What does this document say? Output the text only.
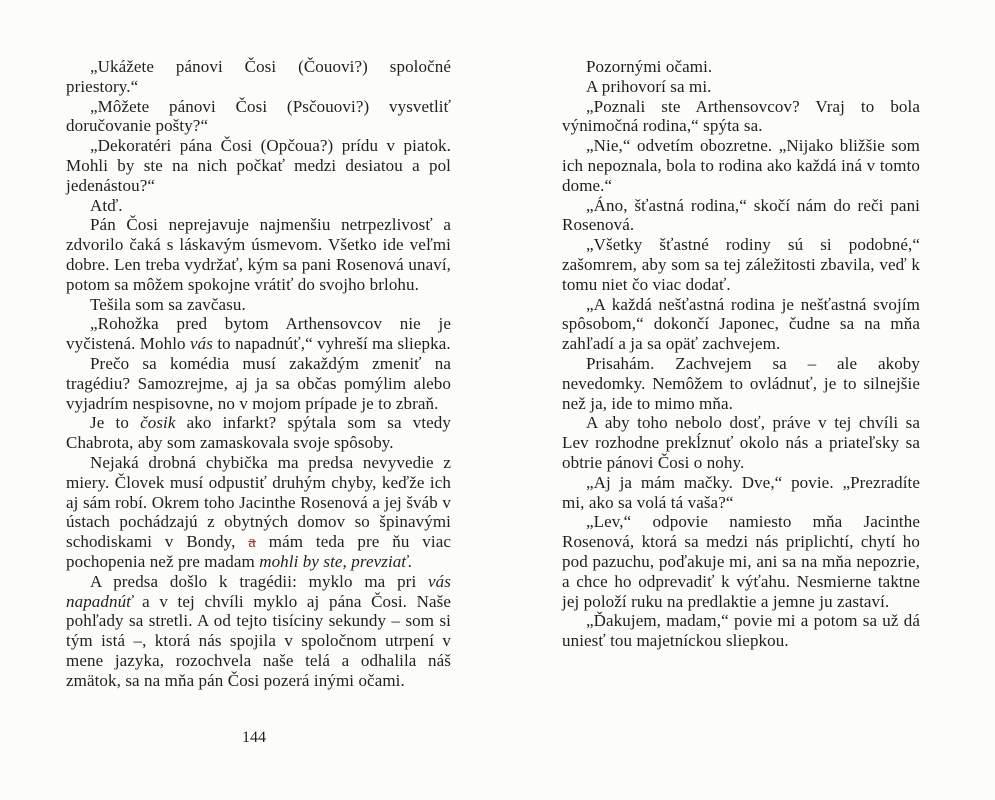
„Ukážete pánovi Čosi (Čouovi?) spoločné priestory.“

„Môžete pánovi Čosi (Psčouovi?) vysvetliť doručovanie pošty?“

„Dekoratéri pána Čosi (Opčoua?) prídu v piatok. Mohli by ste na nich počkať medzi desiatou a pol jedenástou?“

Atď.

Pán Čosi neprejavuje najmenšiu netrpezlivosť a zdvorilo čaká s láskavým úsmevom. Všetko ide veľmi dobre. Len treba vydržať, kým sa pani Rosenová unaví, potom sa môžem spokojne vrátiť do svojho brlohu.

Tešila som sa zavčasu.

„Rohožka pred bytom Arthensovcov nie je vyčistená. Mohlo vás to napadnúť,“ vyhreší ma sliepka.

Prečo sa komédia musí zakaždým zmeniť na tragédiu? Samozrejme, aj ja sa občas pomýlim alebo vyjadrím nespisovne, no v mojom prípade je to zbraň.

Je to čosik ako infarkt? spýtala som sa vtedy Chabrota, aby som zamaskovala svoje spôsoby.

Nejaká drobná chybička ma predsa nevyvedie z miery. Človek musí odpustiť druhým chyby, keďže ich aj sám robí. Okrem toho Jacinthe Rosenová a jej šváb v ústach pochádzajú z obytných domov so špinavými schodiskami v Bondy, a mám teda pre ňu viac pochopenia než pre madam mohli by ste, prevziať.

A predsa došlo k tragédii: myklo ma pri vás napadnúť a v tej chvíli myklo aj pána Čosi. Naše pohľady sa stretli. A od tejto tisíciny sekundy – som si tým istá –, ktorá nás spojila v spoločnom utrpení v mene jazyka, rozochvela naše telá a odhalila náš zmätok, sa na mňa pán Čosi pozerá inými očami.

Pozornými očami.

A prihovorí sa mi.

„Poznali ste Arthensovcov? Vraj to bola výnimočná rodina,“ spýta sa.

„Nie,“ odvetím obozretne. „Nijako bližšie som ich nepoznala, bola to rodina ako každá iná v tomto dome.“

„Áno, šťastná rodina,“ skočí nám do reči pani Rosenová.

„Všetky šťastné rodiny sú si podobné,“ zašomrem, aby som sa tej záležitosti zbavila, veď k tomu niet čo viac dodať.

„A každá nešťastná rodina je nešťastná svojím spôsobom,“ dokončí Japonec, čudne sa na mňa zahľadí a ja sa opäť zachvejem.

Prisahám. Zachvejem sa – ale akoby nevedomky. Nemôžem to ovládnuť, je to silnejšie než ja, ide to mimo mňa.

A aby toho nebolo dosť, práve v tej chvíli sa Lev rozhodne prekĺznuť okolo nás a priateľsky sa obtrie pánovi Čosi o nohy.

„Aj ja mám mačky. Dve,“ povie. „Prezradíte mi, ako sa volá tá vaša?“

„Lev,“ odpovie namiesto mňa Jacinthe Rosenová, ktorá sa medzi nás priplichtí, chytí ho pod pazuchu, poďakuje mi, ani sa na mňa nepozrie, a chce ho odprevadiť k výťahu. Nesmierne taktne jej položí ruku na predlaktie a jemne ju zastaví.

„Ďakujem, madam,“ povie mi a potom sa už dá uniesť tou majetníckou sliepkou.

144
